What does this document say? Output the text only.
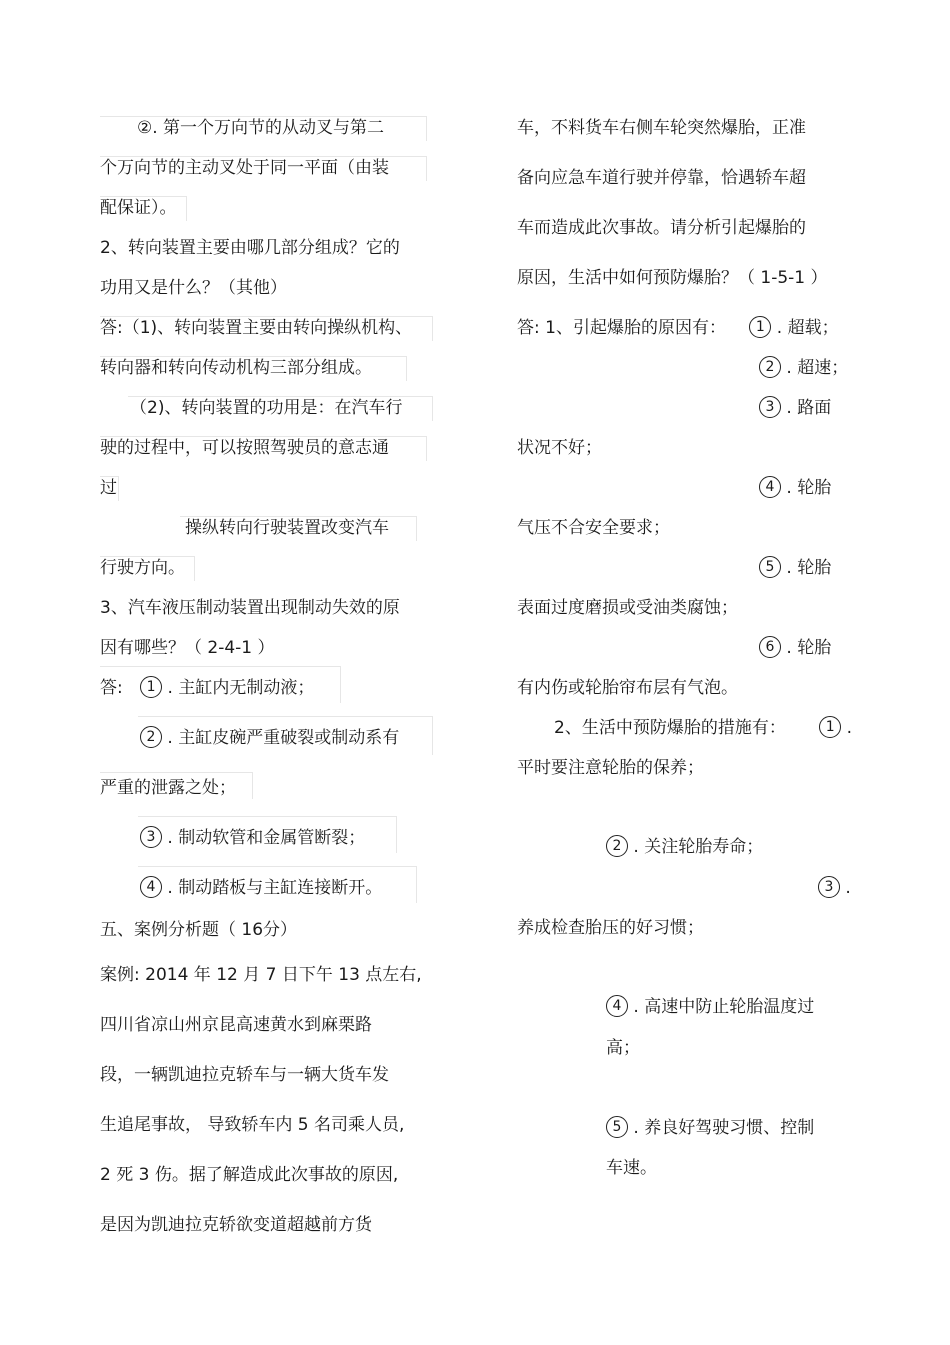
②. 第一个万向节的从动叉与第二
个万向节的主动叉处于同一平面（由装
配保证）。
2、转向装置主要由哪几部分组成？它的
功用又是什么？（其他）
答:（1)、转向装置主要由转向操纵机构、
转向器和转向传动机构三部分组成。
（2)、转向装置的功用是：在汽车行
驶的过程中，可以按照驾驶员的意志通
过
操纵转向行驶装置改变汽车
行驶方向。
3、汽车液压制动装置出现制动失效的原
因有哪些？（ 2-4-1 ）
答: 1 . 主缸内无制动液；
2 . 主缸皮碗严重破裂或制动系有
严重的泄露之处；
3 . 制动软管和金属管断裂；
4 . 制动踏板与主缸连接断开。
五、案例分析题（ 16分）
案例: 2014 年 12 月 7 日下午 13 点左右,
四川省凉山州京昆高速黄水到麻栗路
段，一辆凯迪拉克轿车与一辆大货车发
生追尾事故， 导致轿车内 5 名司乘人员,
2 死 3 伤。据了解造成此次事故的原因,
是因为凯迪拉克轿欲变道超越前方货
车，不料货车右侧车轮突然爆胎，正准
备向应急车道行驶并停靠，恰遇轿车超
车而造成此次事故。请分析引起爆胎的
原因，生活中如何预防爆胎？（ 1-5-1 ）
答: 1、引起爆胎的原因有： 1 . 超载；
2 . 超速；
3 . 路面
状况不好；
4 . 轮胎
气压不合安全要求；
5 . 轮胎
表面过度磨损或受油类腐蚀；
6 . 轮胎
有内伤或轮胎帘布层有气泡。
2、生活中预防爆胎的措施有：	1 .
平时要注意轮胎的保养；
2 . 关注轮胎寿命；
3 .
养成检查胎压的好习惯；
4 . 高速中防止轮胎温度过
高；
5 . 养良好驾驶习惯、控制
车速。
